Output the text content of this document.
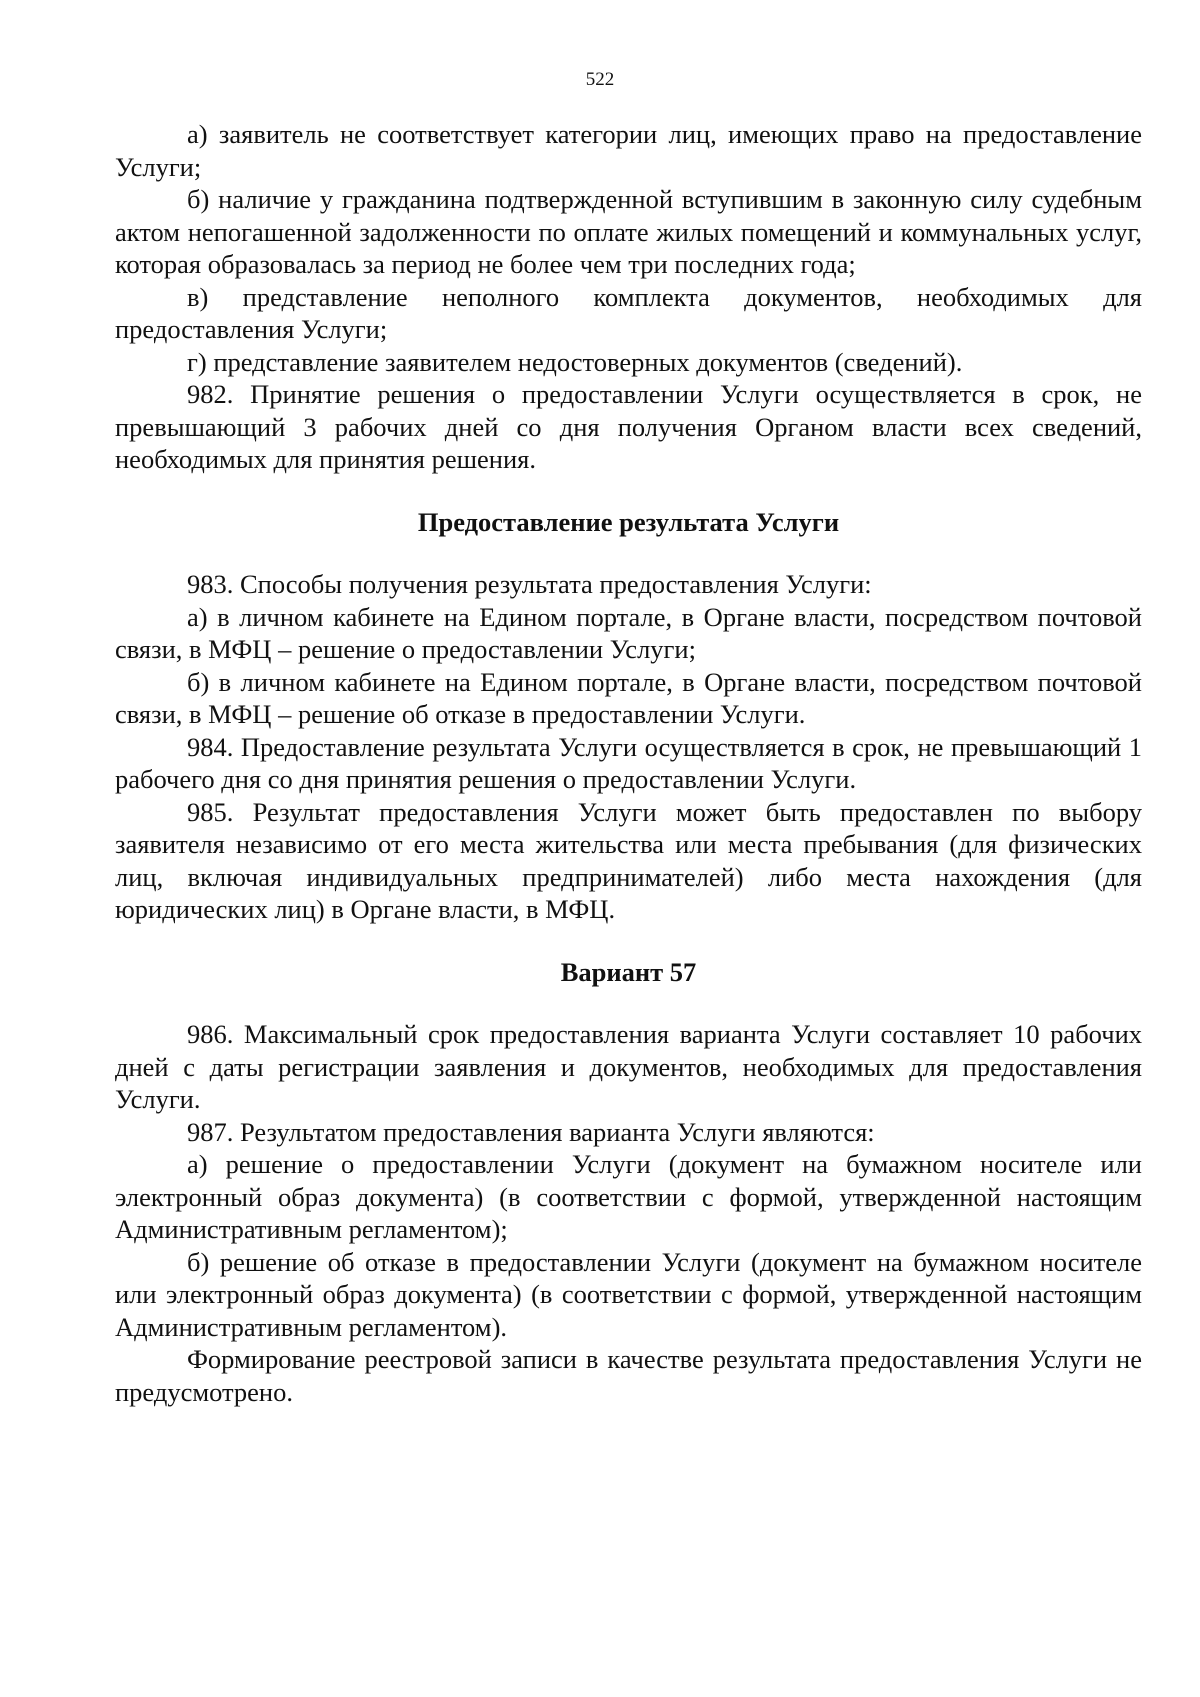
522

а) заявитель не соответствует категории лиц, имеющих право на предоставление Услуги;

б) наличие у гражданина подтвержденной вступившим в законную силу судебным актом непогашенной задолженности по оплате жилых помещений и коммунальных услуг, которая образовалась за период не более чем три последних года;

в) представление неполного комплекта документов, необходимых для предоставления Услуги;

г) представление заявителем недостоверных документов (сведений).

982. Принятие решения о предоставлении Услуги осуществляется в срок, не превышающий 3 рабочих дней со дня получения Органом власти всех сведений, необходимых для принятия решения.

Предоставление результата Услуги

983. Способы получения результата предоставления Услуги:

а) в личном кабинете на Едином портале, в Органе власти, посредством почтовой связи, в МФЦ – решение о предоставлении Услуги;

б) в личном кабинете на Едином портале, в Органе власти, посредством почтовой связи, в МФЦ – решение об отказе в предоставлении Услуги.

984. Предоставление результата Услуги осуществляется в срок, не превышающий 1 рабочего дня со дня принятия решения о предоставлении Услуги.

985. Результат предоставления Услуги может быть предоставлен по выбору заявителя независимо от его места жительства или места пребывания (для физических лиц, включая индивидуальных предпринимателей) либо места нахождения (для юридических лиц) в Органе власти, в МФЦ.

Вариант 57

986. Максимальный срок предоставления варианта Услуги составляет 10 рабочих дней с даты регистрации заявления и документов, необходимых для предоставления Услуги.

987. Результатом предоставления варианта Услуги являются:

а) решение о предоставлении Услуги (документ на бумажном носителе или электронный образ документа) (в соответствии с формой, утвержденной настоящим Административным регламентом);

б) решение об отказе в предоставлении Услуги (документ на бумажном носителе или электронный образ документа) (в соответствии с формой, утвержденной настоящим Административным регламентом).

Формирование реестровой записи в качестве результата предоставления Услуги не предусмотрено.
